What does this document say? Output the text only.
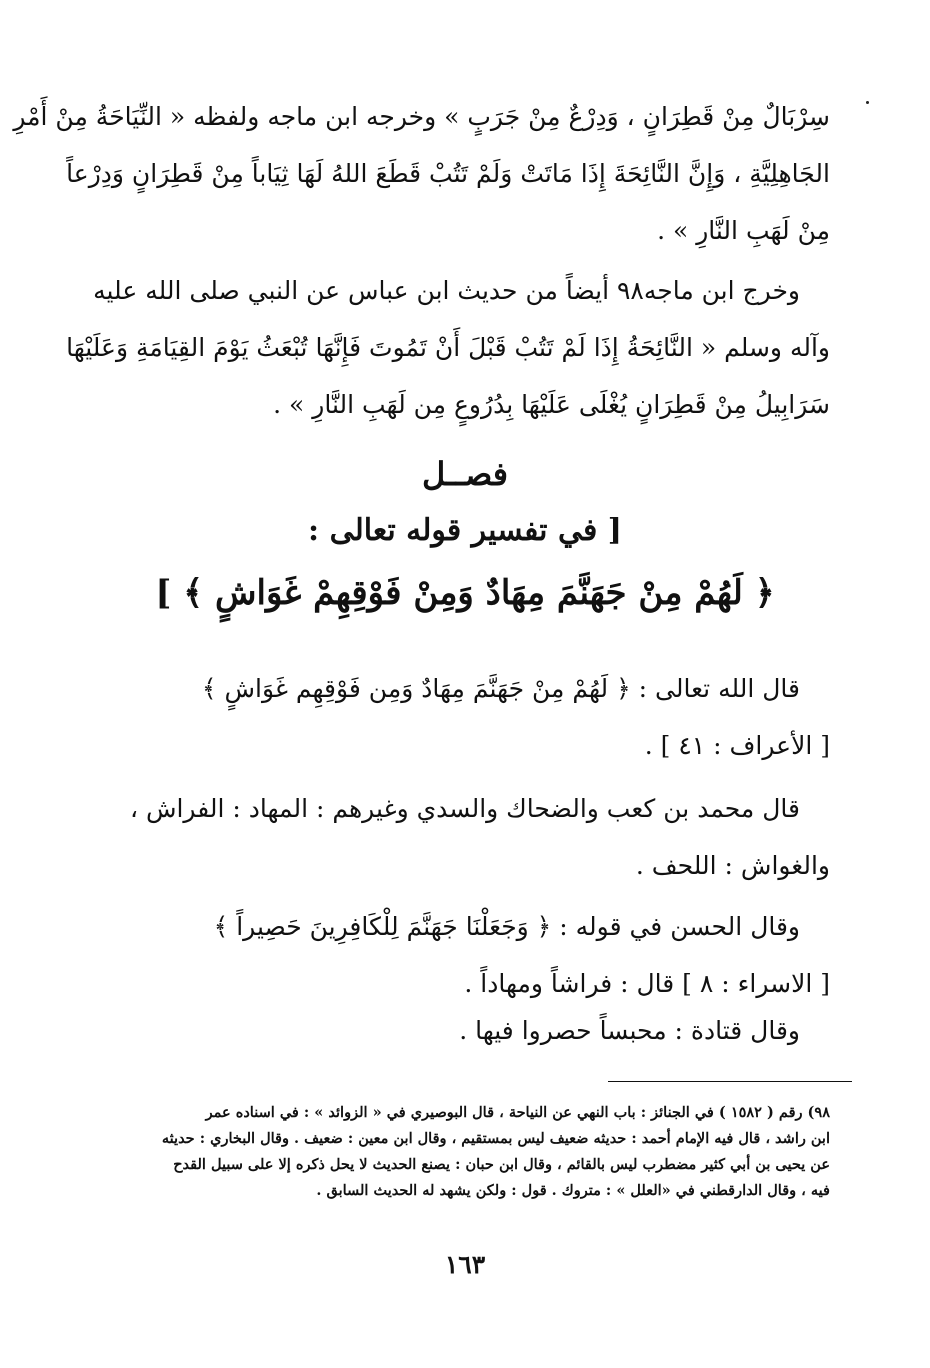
سِرْبَالٌ مِنْ قَطِرَانٍ ، وَدِرْعٌ مِنْ جَرَبٍ » وخرجه ابن ماجه ولفظه « النِّيَاحَةُ مِنْ أَمْرِ
الجَاهِلِيَّةِ ، وَإِنَّ النَّائِحَةَ إِذَا مَاتَتْ وَلَمْ تَتُبْ قَطَعَ اللهُ لَهَا ثِيَاباً مِنْ قَطِرَانٍ وَدِرْعاً
مِنْ لَهَبِ النَّارِ » .
وخرج ابن ماجه٩٨ أيضاً من حديث ابن عباس عن النبي صلى الله عليه
وآله وسلم « النَّائِحَةُ إِذَا لَمْ تَتُبْ قَبْلَ أَنْ تَمُوتَ فَإِنَّهَا تُبْعَثُ يَوْمَ القِيَامَةِ وَعَلَيْهَا
سَرَابِيلُ مِنْ قَطِرَانٍ يُغْلَى عَلَيْهَا بِدُرُوعٍ مِن لَهَبِ النَّارِ » .
فصــل
[ في تفسير قوله تعالى :
﴿ لَهُمْ مِنْ جَهَنَّمَ مِهَادٌ وَمِنْ فَوْقِهِمْ غَوَاشٍ ﴾ ]
قال الله تعالى : ﴿ لَهُمْ مِنْ جَهَنَّمَ مِهَادٌ وَمِن فَوْقِهِم غَوَاشٍ ﴾
[ الأعراف : ٤١ ] .
قال محمد بن كعب والضحاك والسدي وغيرهم : المهاد : الفراش ،
والغواش : اللحف .
وقال الحسن في قوله : ﴿ وَجَعَلْنَا جَهَنَّمَ لِلْكَافِرِينَ حَصِيراً ﴾
[ الاسراء : ٨ ] قال : فراشاً ومهاداً .
وقال قتادة : محبساً حصروا فيها .
٩٨) رقم ( ١٥٨٢ ) في الجنائز : باب النهي عن النياحة ، قال البوصيري في « الزوائد » : في اسناده عمر
ابن راشد ، قال فيه الإمام أحمد : حديثه ضعيف ليس بمستقيم ، وقال ابن معين : ضعيف . وقال البخاري : حديثه
عن يحيى بن أبي كثير مضطرب ليس بالقائم ، وقال ابن حبان : يصنع الحديث لا يحل ذكره إلا على سبيل القدح
فيه ، وقال الدارقطني في «العلل » : متروك . قول : ولكن يشهد له الحديث السابق .
١٦٣
